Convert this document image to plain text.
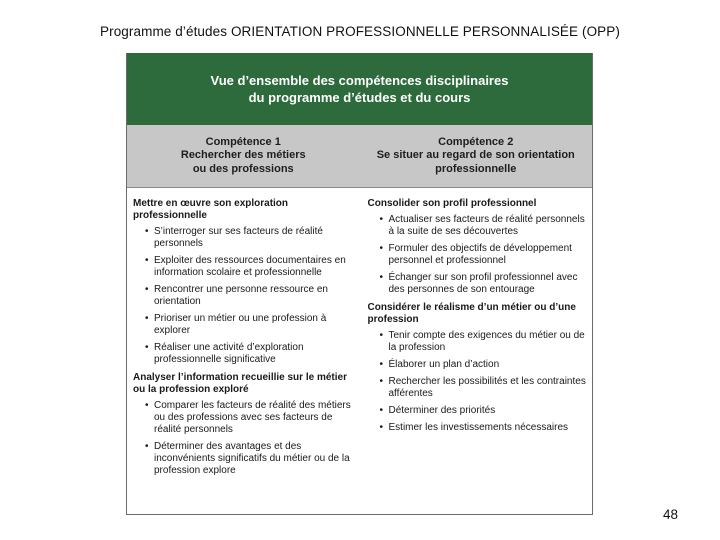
Programme d’études ORIENTATION PROFESSIONNELLE PERSONNALISÉE (OPP)
Vue d’ensemble des compétences disciplinaires
du programme d’études et du cours
Compétence 1
Rechercher des métiers
ou des professions
Compétence 2
Se situer au regard de son orientation
professionnelle

Mettre en œuvre son exploration professionnelle

• S’interroger sur ses facteurs de réalité personnels
• Exploiter des ressources documentaires en information scolaire et professionnelle
• Rencontrer une personne ressource en orientation
• Prioriser un métier ou une profession à explorer
• Réaliser une activité d’exploration professionnelle significative

Analyser l’information recueillie sur le métier ou la profession exploré

• Comparer les facteurs de réalité des métiers ou des professions avec ses facteurs de réalité personnels
• Déterminer des avantages et des inconvénients significatifs du métier ou de la profession explore

Consolider son profil professionnel

• Actualiser ses facteurs de réalité personnels à la suite de ses découvertes
• Formuler des objectifs de développement personnel et professionnel
• Échanger sur son profil professionnel avec des personnes de son entourage

Considérer le réalisme d’un métier ou d’une profession

• Tenir compte des exigences du métier ou de la profession
• Élaborer un plan d’action
• Rechercher les possibilités et les contraintes afférentes
• Déterminer des priorités
• Estimer les investissements nécessaires
48
